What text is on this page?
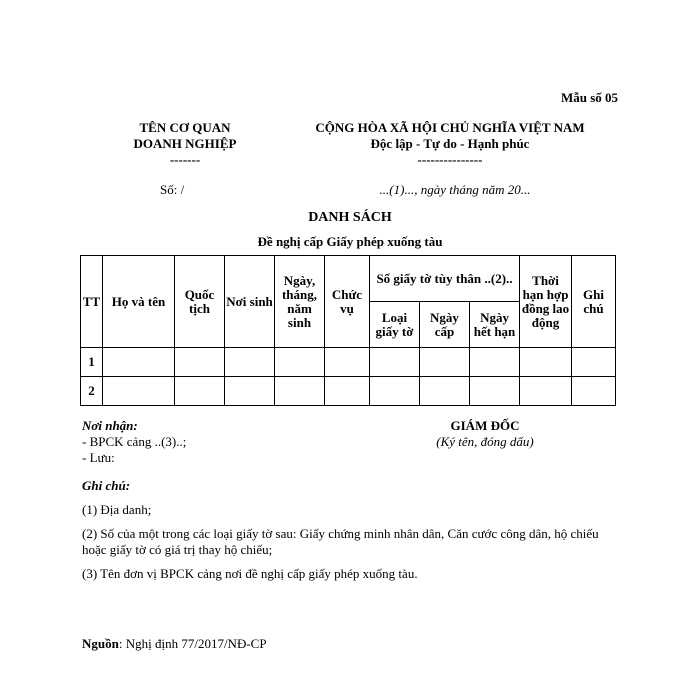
Mẫu số 05
TÊN CƠ QUAN
DOANH NGHIỆP
-------
CỘNG HÒA XÃ HỘI CHỦ NGHĨA VIỆT NAM
Độc lập - Tự do - Hạnh phúc
---------------
Số: /	...(1)..., ngày tháng năm 20...
DANH SÁCH
Đề nghị cấp Giấy phép xuống tàu
TT	Họ và tên	Quốc tịch	Nơi sinh	Ngày, tháng, năm sinh	Chức vụ	Số giấy tờ tùy thân ..(2)..			Thời hạn hợp đồng lao động	Ghi chú
						Loại giấy tờ	Ngày cấp	Ngày hết hạn		
1										
2										
Nơi nhận:
- BPCK cảng ..(3)..;
- Lưu:
GIÁM ĐỐC
(Ký tên, đóng dấu)

Ghi chú:

(1) Địa danh;

(2) Số của một trong các loại giấy tờ sau: Giấy chứng minh nhân dân, Căn cước công dân, hộ chiếu hoặc giấy tờ có giá trị thay hộ chiếu;

(3) Tên đơn vị BPCK cảng nơi đề nghị cấp giấy phép xuống tàu.

Nguồn: Nghị định 77/2017/NĐ-CP
